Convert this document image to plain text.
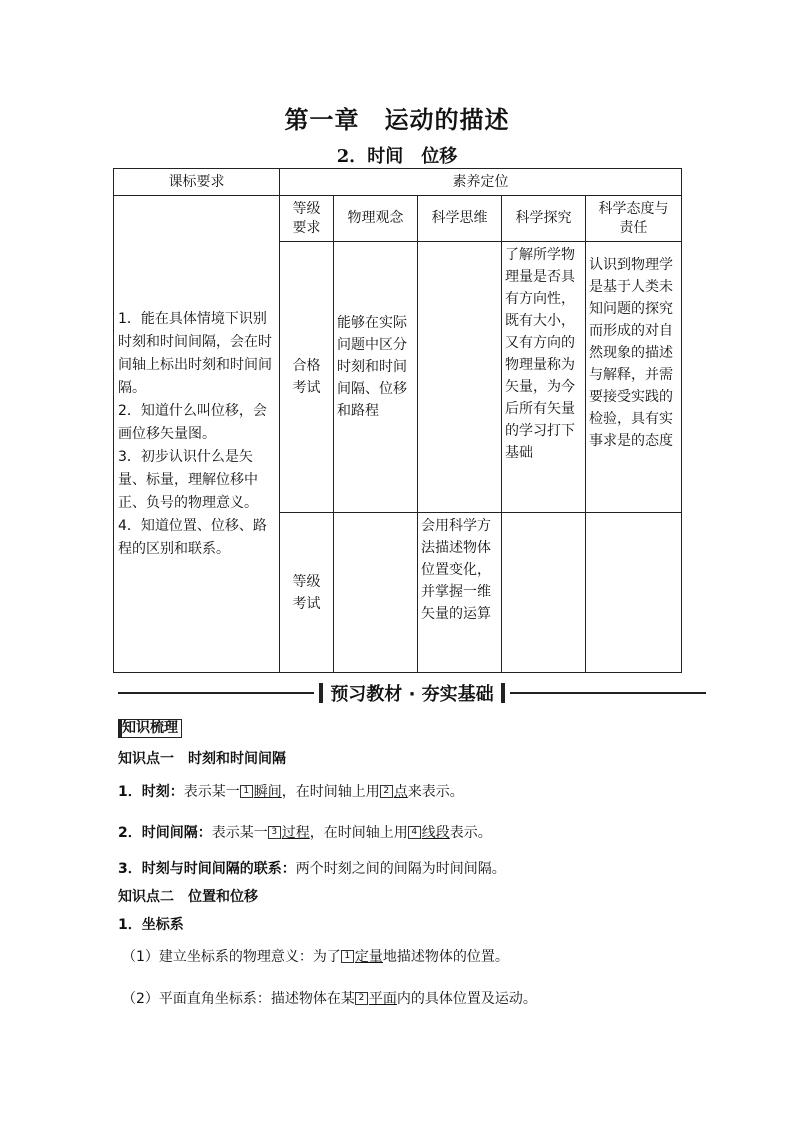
第一章　运动的描述
2．时间　位移
课标要求	素养定位				
1．能在具体情境下识别时刻和时间间隔，会在时间轴上标出时刻和时间间隔。
2．知道什么叫位移，会画位移矢量图。
3．初步认识什么是矢量、标量，理解位移中正、负号的物理意义。
4．知道位置、位移、路程的区别和联系。	等级
要求	物理观念	科学思维	科学探究	科学态度与
责任
	合格
考试	能够在实际问题中区分时刻和时间间隔、位移和路程		了解所学物理量是否具有方向性，既有大小，又有方向的物理量称为矢量，为今后所有矢量的学习打下基础	认识到物理学是基于人类未知问题的探究而形成的对自然现象的描述与解释，并需要接受实践的检验，具有实事求是的态度
	等级
考试		会用科学方法描述物体位置变化，并掌握一维矢量的运算		
预习教材 · 夯实基础
知识梳理
知识点一　时刻和时间间隔
1．时刻：表示某一 1 瞬间，在时间轴上用 2 点来表示。
2．时间间隔：表示某一 3 过程，在时间轴上用 4 线段表示。
3．时刻与时间间隔的联系：两个时刻之间的间隔为时间间隔。
知识点二　位置和位移
1．坐标系
（1）建立坐标系的物理意义：为了 1 定量地描述物体的位置。
（2）平面直角坐标系：描述物体在某 2 平面内的具体位置及运动。
